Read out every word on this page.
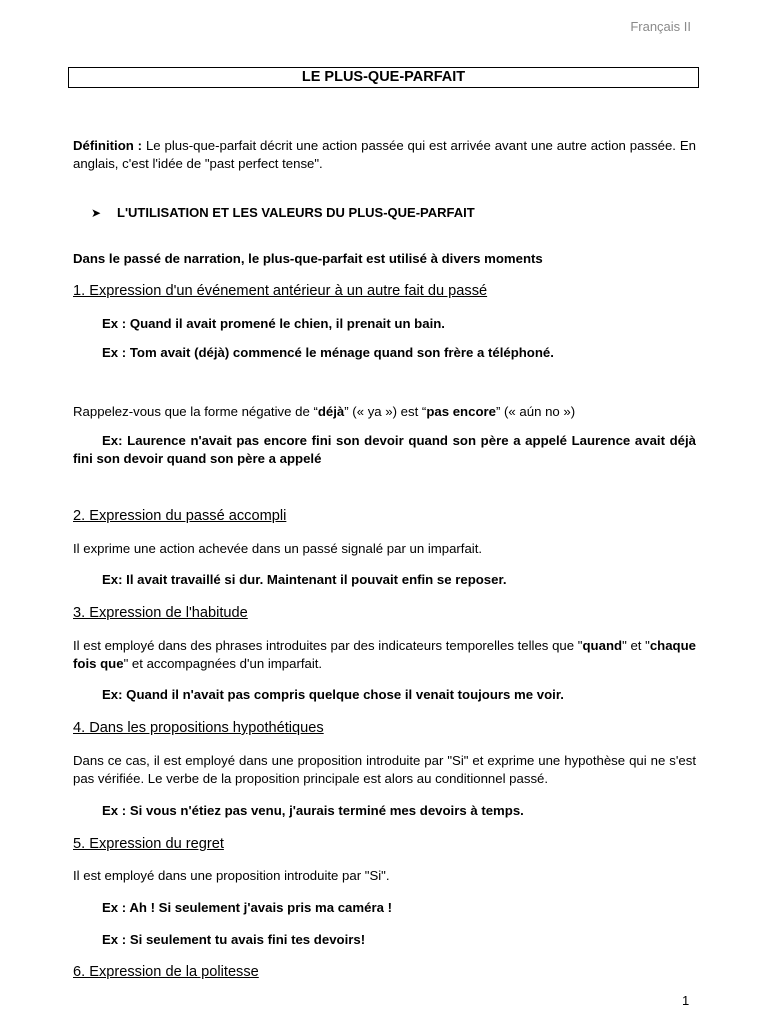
Français II
LE PLUS-QUE-PARFAIT
Définition : Le plus-que-parfait décrit une action passée qui est arrivée avant une autre action passée. En anglais, c'est l'idée de "past perfect tense".
➤ L'UTILISATION ET LES VALEURS DU PLUS-QUE-PARFAIT
Dans le passé de narration, le plus-que-parfait est utilisé à divers moments
1. Expression d'un événement antérieur à un autre fait du passé
Ex : Quand il avait promené le chien, il prenait un bain.
Ex : Tom avait (déjà) commencé le ménage quand son frère a téléphoné.
Rappelez-vous que la forme négative de “déjà” (« ya ») est “pas encore” (« aún no »)
Ex: Laurence n'avait pas encore fini son devoir quand son père a appelé Laurence avait déjà fini son devoir quand son père a appelé
2. Expression du passé accompli
Il exprime une action achevée dans un passé signalé par un imparfait.
Ex: Il avait travaillé si dur. Maintenant il pouvait enfin se reposer.
3. Expression de l'habitude
Il est employé dans des phrases introduites par des indicateurs temporelles telles que "quand" et "chaque fois que" et accompagnées d'un imparfait.
Ex: Quand il n'avait pas compris quelque chose il venait toujours me voir.
4. Dans les propositions hypothétiques
Dans ce cas, il est employé dans une proposition introduite par "Si" et exprime une hypothèse qui ne s'est pas vérifiée. Le verbe de la proposition principale est alors au conditionnel passé.
Ex : Si vous n'étiez pas venu, j'aurais terminé mes devoirs à temps.
5. Expression du regret
Il est employé dans une proposition introduite par "Si".
Ex : Ah ! Si seulement j'avais pris ma caméra !
Ex : Si seulement tu avais fini tes devoirs!
6. Expression de la politesse
1
